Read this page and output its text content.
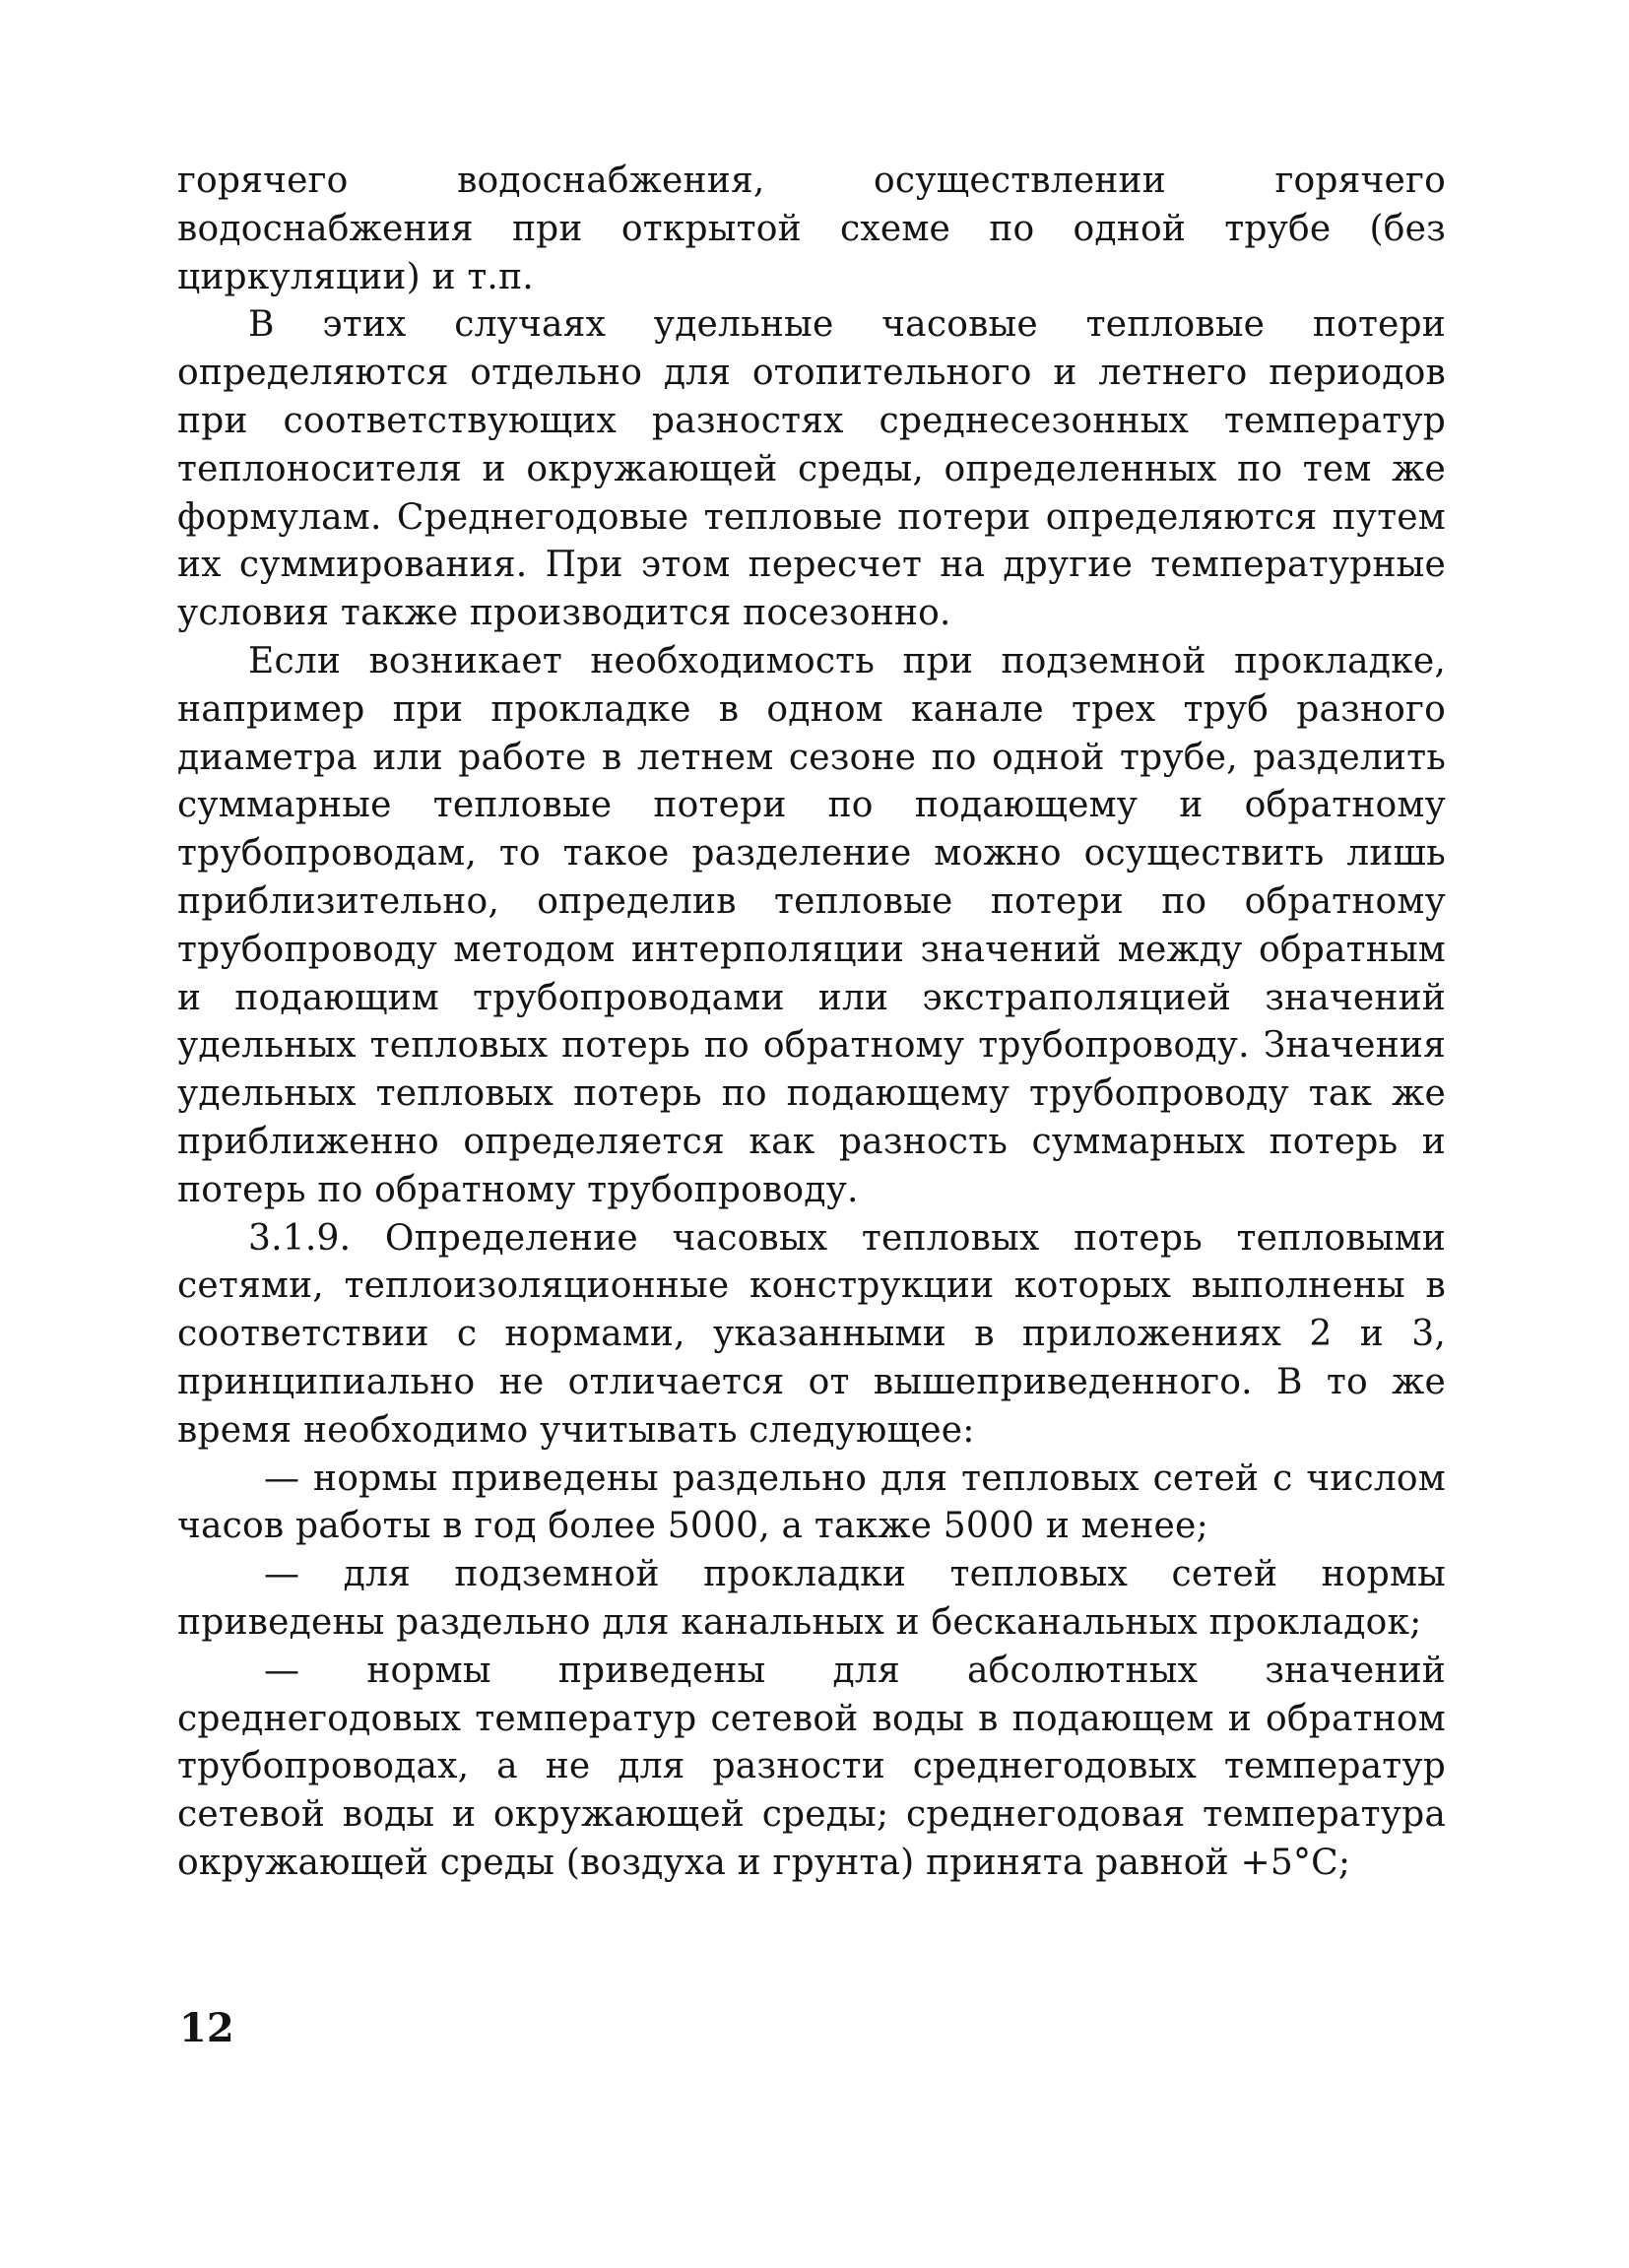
горячего водоснабжения, осуществлении горячего водоснабжения при открытой схеме по одной трубе (без циркуляции) и т.п.

В этих случаях удельные часовые тепловые потери определяются отдельно для отопительного и летнего периодов при соответствующих разностях среднесезонных температур теплоносителя и окружающей среды, определенных по тем же формулам. Среднегодовые тепловые потери определяются путем их суммирования. При этом пересчет на другие температурные условия также производится посезонно.

Если возникает необходимость при подземной прокладке, например при прокладке в одном канале трех труб разного диаметра или работе в летнем сезоне по одной трубе, разделить суммарные тепловые потери по подающему и обратному трубопроводам, то такое разделение можно осуществить лишь приблизительно, определив тепловые потери по обратному трубопроводу методом интерполяции значений между обратным и подающим трубопроводами или экстраполяцией значений удельных тепловых потерь по обратному трубопроводу. Значения удельных тепловых потерь по подающему трубопроводу так же приближенно определяется как разность суммарных потерь и потерь по обратному трубопроводу.

3.1.9. Определение часовых тепловых потерь тепловыми сетями, теплоизоляционные конструкции которых выполнены в соответствии с нормами, указанными в приложениях 2 и 3, принципиально не отличается от вышеприведенного. В то же время необходимо учитывать следующее:

— нормы приведены раздельно для тепловых сетей с числом часов работы в год более 5000, а также 5000 и менее;

— для подземной прокладки тепловых сетей нормы приведены раздельно для канальных и бесканальных прокладок;

— нормы приведены для абсолютных значений среднегодовых температур сетевой воды в подающем и обратном трубопроводах, а не для разности среднегодовых температур сетевой воды и окружающей среды; среднегодовая температура окружающей среды (воздуха и грунта) принята равной +5°С;

12
